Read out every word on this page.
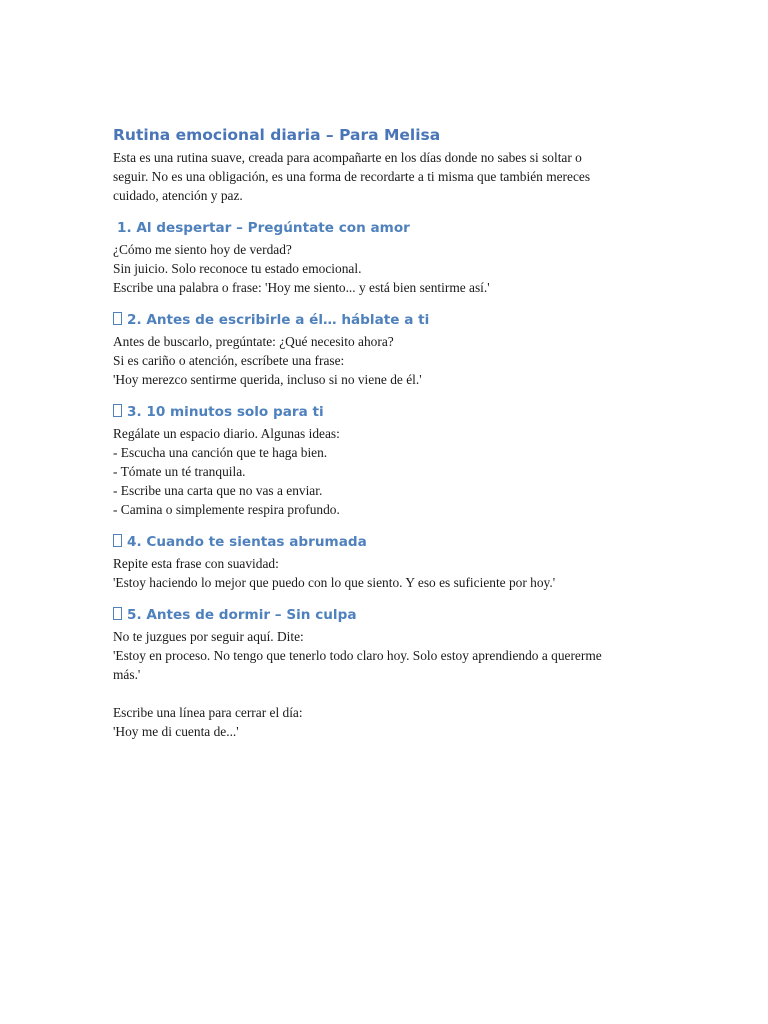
Rutina emocional diaria – Para Melisa

Esta es una rutina suave, creada para acompañarte en los días donde no sabes si soltar o
seguir. No es una obligación, es una forma de recordarte a ti misma que también mereces
cuidado, atención y paz.

1. Al despertar – Pregúntate con amor

¿Cómo me siento hoy de verdad?
Sin juicio. Solo reconoce tu estado emocional.
Escribe una palabra o frase: 'Hoy me siento... y está bien sentirme así.'

2. Antes de escribirle a él… háblate a ti

Antes de buscarlo, pregúntate: ¿Qué necesito ahora?
Si es cariño o atención, escríbete una frase:
'Hoy merezco sentirme querida, incluso si no viene de él.'

3. 10 minutos solo para ti

Regálate un espacio diario. Algunas ideas:
- Escucha una canción que te haga bien.
- Tómate un té tranquila.
- Escribe una carta que no vas a enviar.
- Camina o simplemente respira profundo.

4. Cuando te sientas abrumada

Repite esta frase con suavidad:
'Estoy haciendo lo mejor que puedo con lo que siento. Y eso es suficiente por hoy.'

5. Antes de dormir – Sin culpa

No te juzgues por seguir aquí. Dite:
'Estoy en proceso. No tengo que tenerlo todo claro hoy. Solo estoy aprendiendo a quererme
más.'
Escribe una línea para cerrar el día:
'Hoy me di cuenta de...'
